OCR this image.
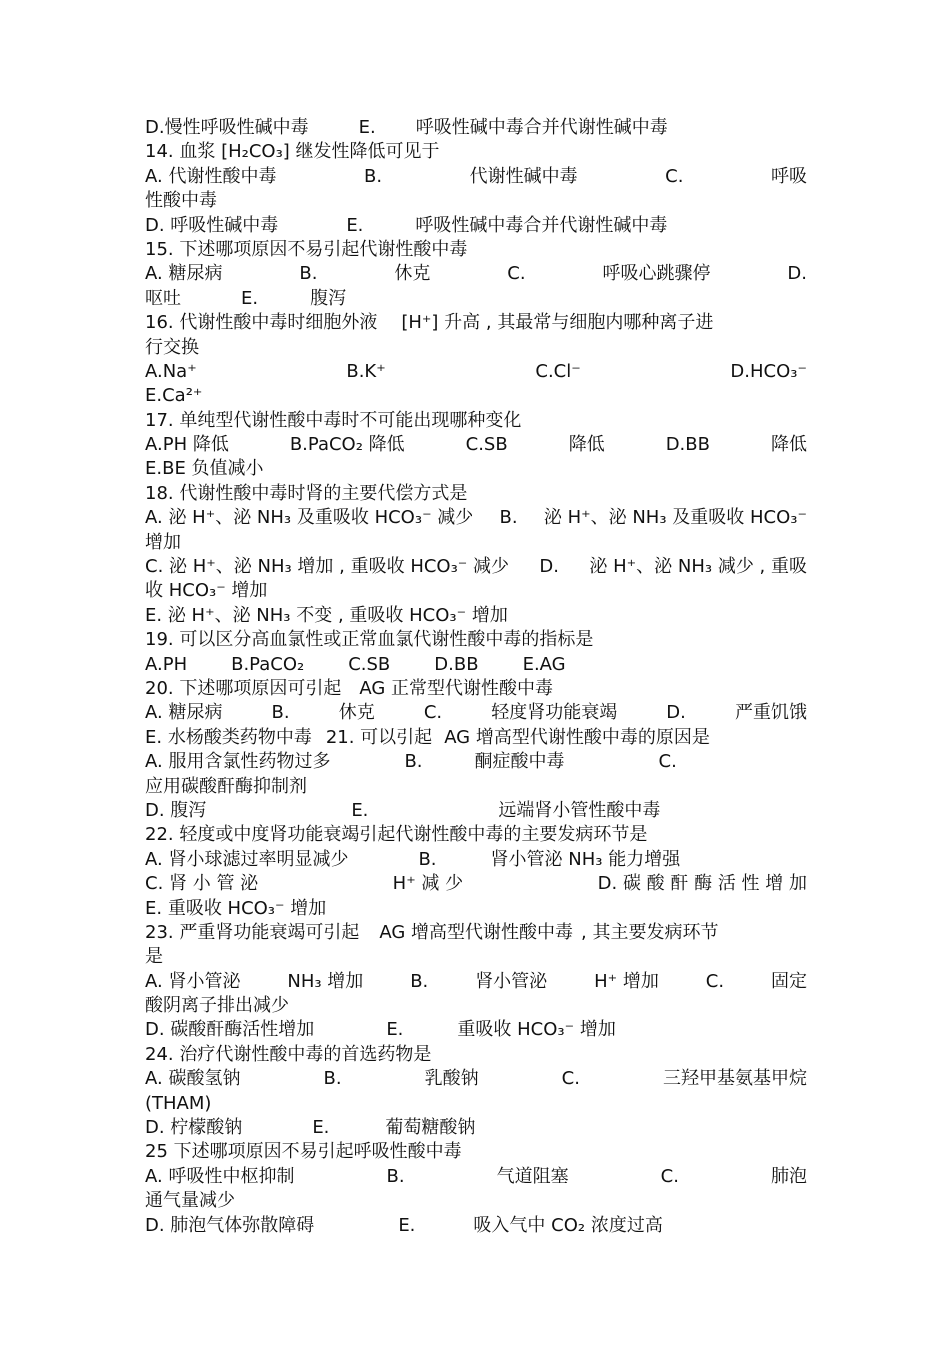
D.慢性呼吸性碱中毒	E. 呼吸性碱中毒合并代谢性碱中毒
14. 血浆 [H₂CO₃] 继发性降低可见于
A. 代谢性酸中毒	B.	代谢性碱中毒	C.	呼吸
性酸中毒
D. 呼吸性碱中毒	E.	呼吸性碱中毒合并代谢性碱中毒
15. 下述哪项原因不易引起代谢性酸中毒
A. 糖尿病	B.	休克	C.	呼吸心跳骤停	D.
呕吐	E.	腹泻
16. 代谢性酸中毒时细胞外液 [H⁺] 升高 , 其最常与细胞内哪种离子进
行交换
A.Na⁺	B.K⁺	C.Cl⁻	D.HCO₃⁻
E.Ca²⁺
17. 单纯型代谢性酸中毒时不可能出现哪种变化
A.PH 降低	B.PaCO₂ 降低	C.SB	降低	D.BB	降低
E.BE 负值减小
18. 代谢性酸中毒时肾的主要代偿方式是
A. 泌 H⁺、泌 NH₃ 及重吸收 HCO₃⁻ 减少 B. 泌 H⁺、泌 NH₃ 及重吸收 HCO₃⁻
增加
C. 泌 H⁺、泌 NH₃ 增加 , 重吸收 HCO₃⁻ 减少 D. 泌 H⁺、泌 NH₃ 减少 , 重吸
收 HCO₃⁻ 增加
E. 泌 H⁺、泌 NH₃ 不变 , 重吸收 HCO₃⁻ 增加
19. 可以区分高血氯性或正常血氯代谢性酸中毒的指标是
A.PH B.PaCO₂ C.SB D.BB E.AG
20. 下述哪项原因可引起 AG 正常型代谢性酸中毒
A. 糖尿病	B.	休克	C.	轻度肾功能衰竭	D.	严重饥饿
E. 水杨酸类药物中毒 21. 可以引起 AG 增高型代谢性酸中毒的原因是
A. 服用含氯性药物过多	B.	酮症酸中毒	C.
应用碳酸酐酶抑制剂
D. 腹泻	E.	远端肾小管性酸中毒
22. 轻度或中度肾功能衰竭引起代谢性酸中毒的主要发病环节是
A. 肾小球滤过率明显减少	B.	肾小管泌 NH₃ 能力增强
C. 肾 小 管 泌	H⁺ 减 少	D. 碳 酸 酐 酶 活 性 增 加
E. 重吸收 HCO₃⁻ 增加
23. 严重肾功能衰竭可引起 AG 增高型代谢性酸中毒 , 其主要发病环节
是
A. 肾小管泌	NH₃ 增加	B.	肾小管泌	H⁺ 增加	C.	固定
酸阴离子排出减少
D. 碳酸酐酶活性增加	E.	重吸收 HCO₃⁻ 增加
24. 治疗代谢性酸中毒的首选药物是
A. 碳酸氢钠	B.	乳酸钠	C.	三羟甲基氨基甲烷
(THAM)
D. 柠檬酸钠	E.	葡萄糖酸钠
25 下述哪项原因不易引起呼吸性酸中毒
A. 呼吸性中枢抑制	B.	气道阻塞	C.	肺泡
通气量减少
D. 肺泡气体弥散障碍	E.	吸入气中 CO₂ 浓度过高
